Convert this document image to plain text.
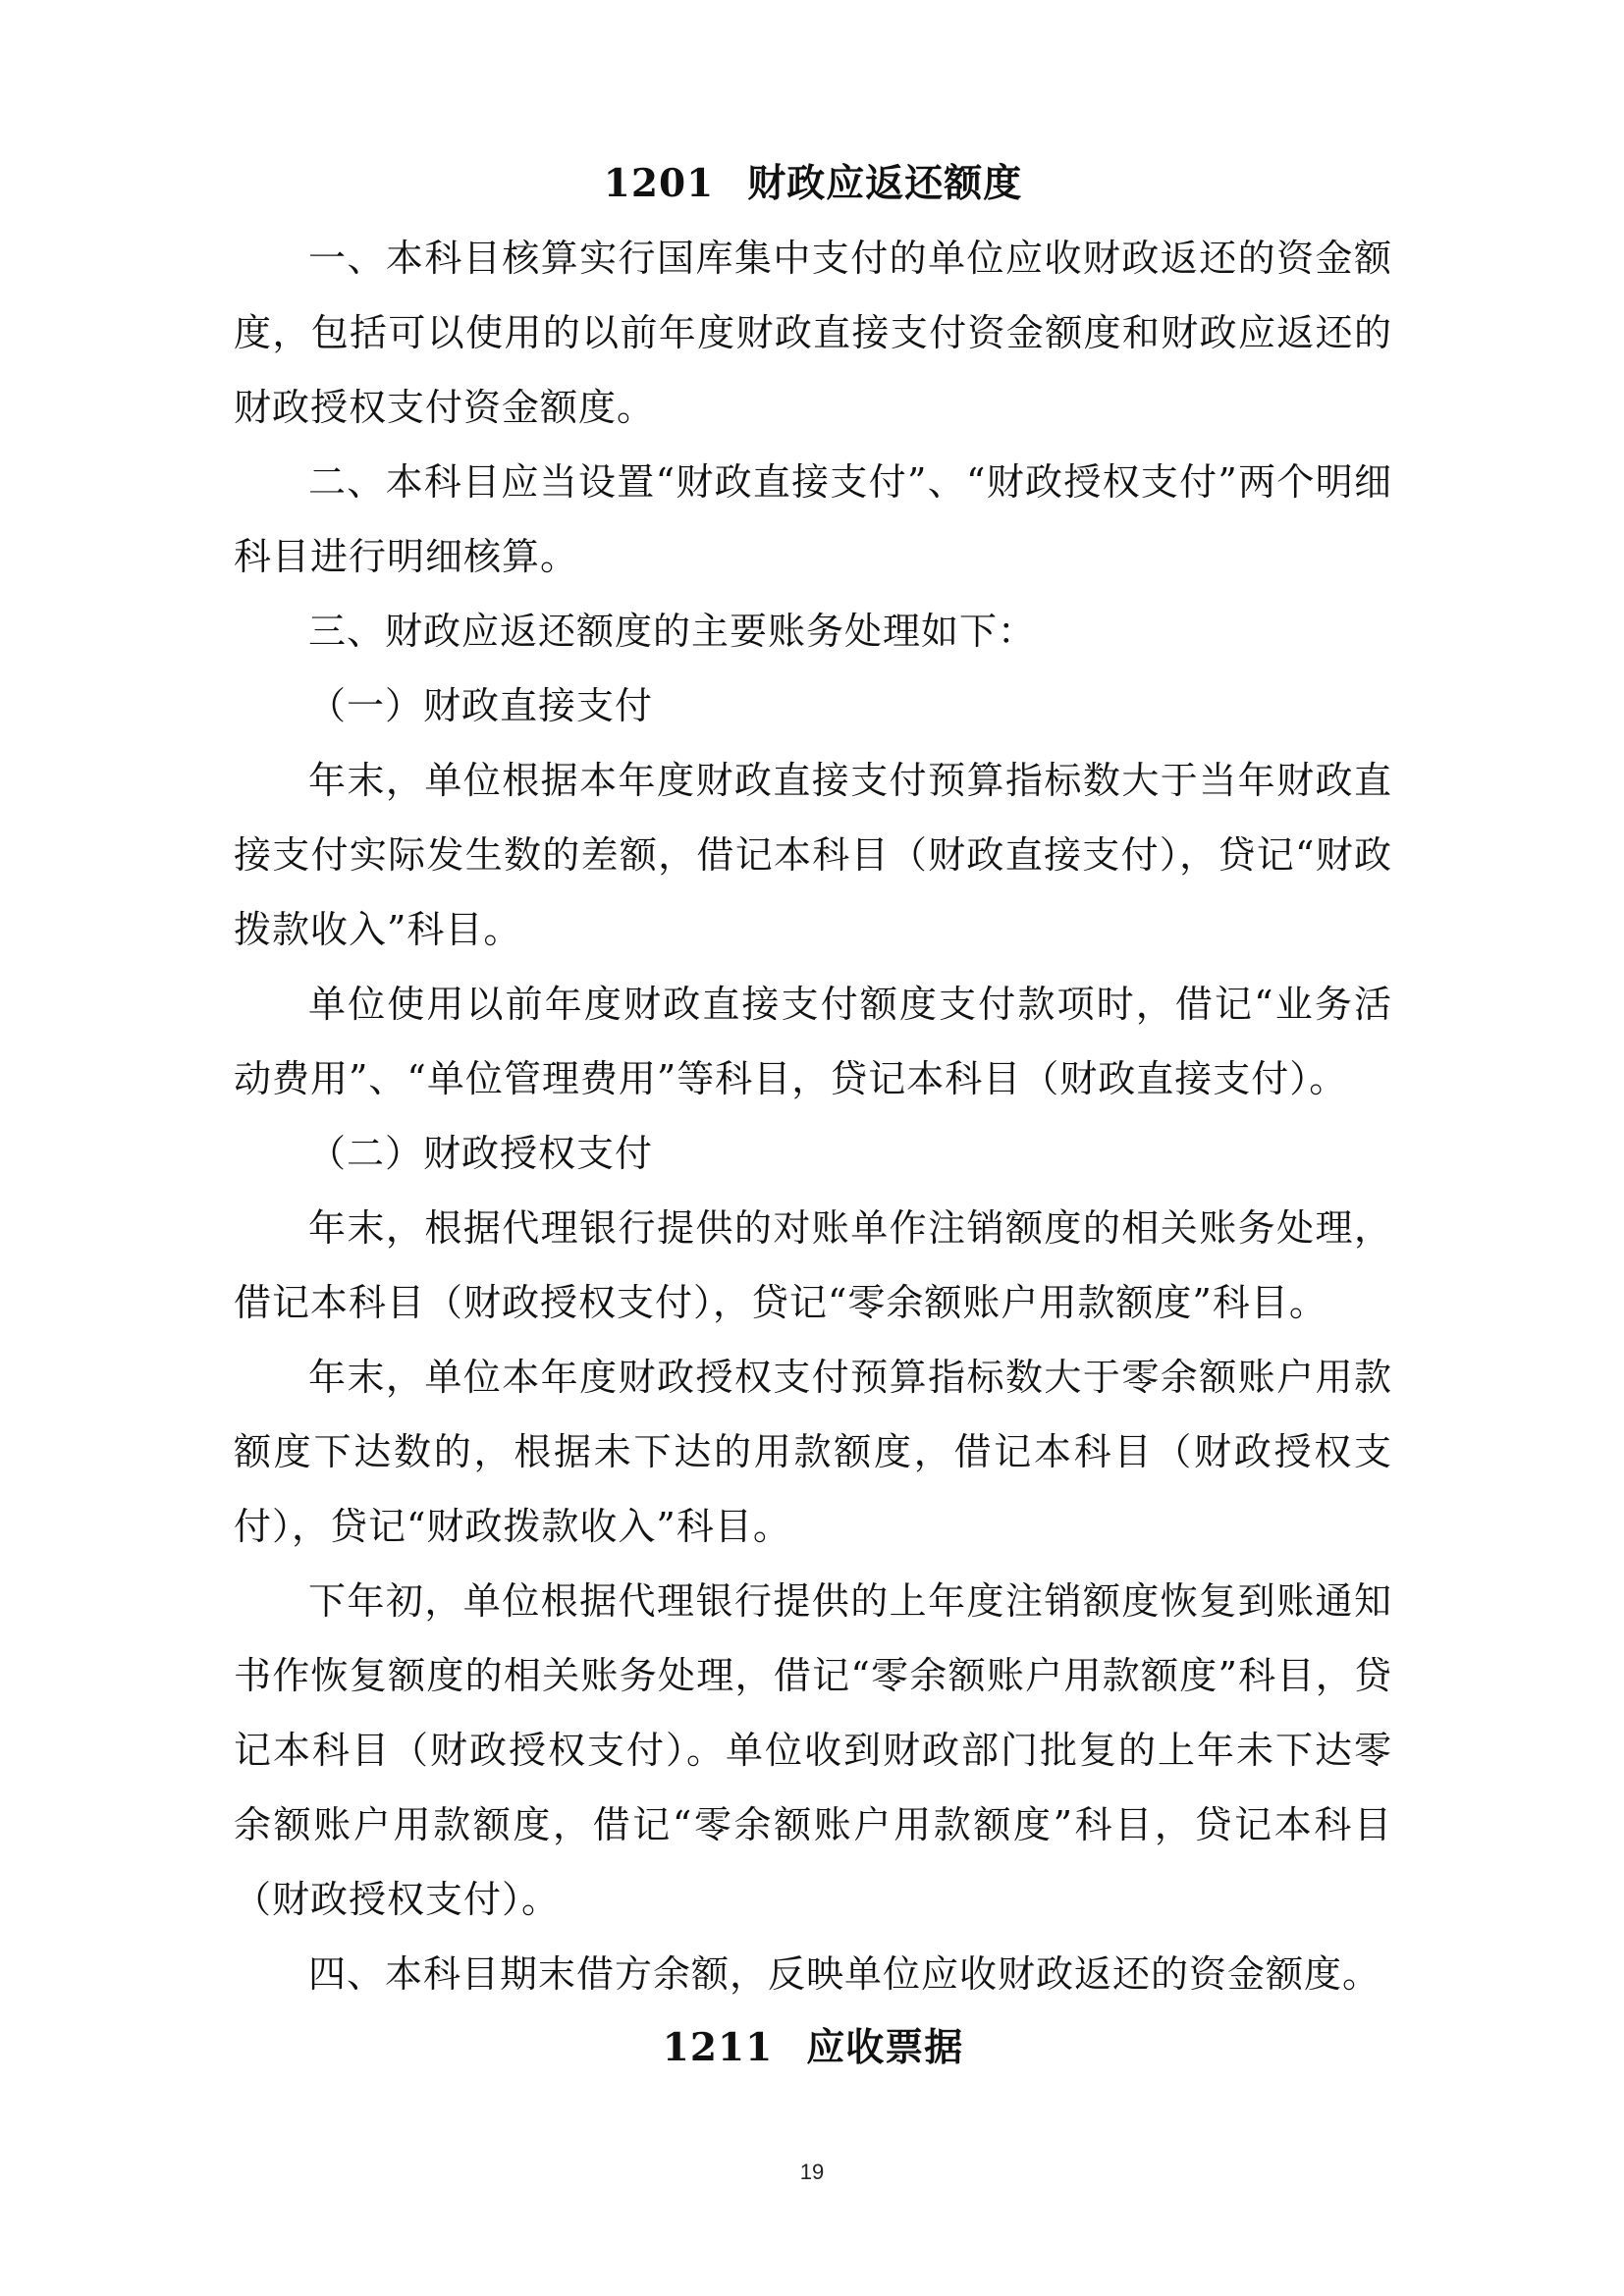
1201 财政应返还额度

一、本科目核算实行国库集中支付的单位应收财政返还的资金额度，包括可以使用的以前年度财政直接支付资金额度和财政应返还的财政授权支付资金额度。

二、本科目应当设置“财政直接支付”、“财政授权支付”两个明细科目进行明细核算。

三、财政应返还额度的主要账务处理如下：

（一）财政直接支付

年末，单位根据本年度财政直接支付预算指标数大于当年财政直接支付实际发生数的差额，借记本科目（财政直接支付），贷记“财政拨款收入”科目。

单位使用以前年度财政直接支付额度支付款项时，借记“业务活动费用”、“单位管理费用”等科目，贷记本科目（财政直接支付）。

（二）财政授权支付

年末，根据代理银行提供的对账单作注销额度的相关账务处理，借记本科目（财政授权支付），贷记“零余额账户用款额度”科目。

年末，单位本年度财政授权支付预算指标数大于零余额账户用款额度下达数的，根据未下达的用款额度，借记本科目（财政授权支付），贷记“财政拨款收入”科目。

下年初，单位根据代理银行提供的上年度注销额度恢复到账通知书作恢复额度的相关账务处理，借记“零余额账户用款额度”科目，贷记本科目（财政授权支付）。单位收到财政部门批复的上年未下达零余额账户用款额度，借记“零余额账户用款额度”科目，贷记本科目（财政授权支付）。

四、本科目期末借方余额，反映单位应收财政返还的资金额度。

1211 应收票据
19
